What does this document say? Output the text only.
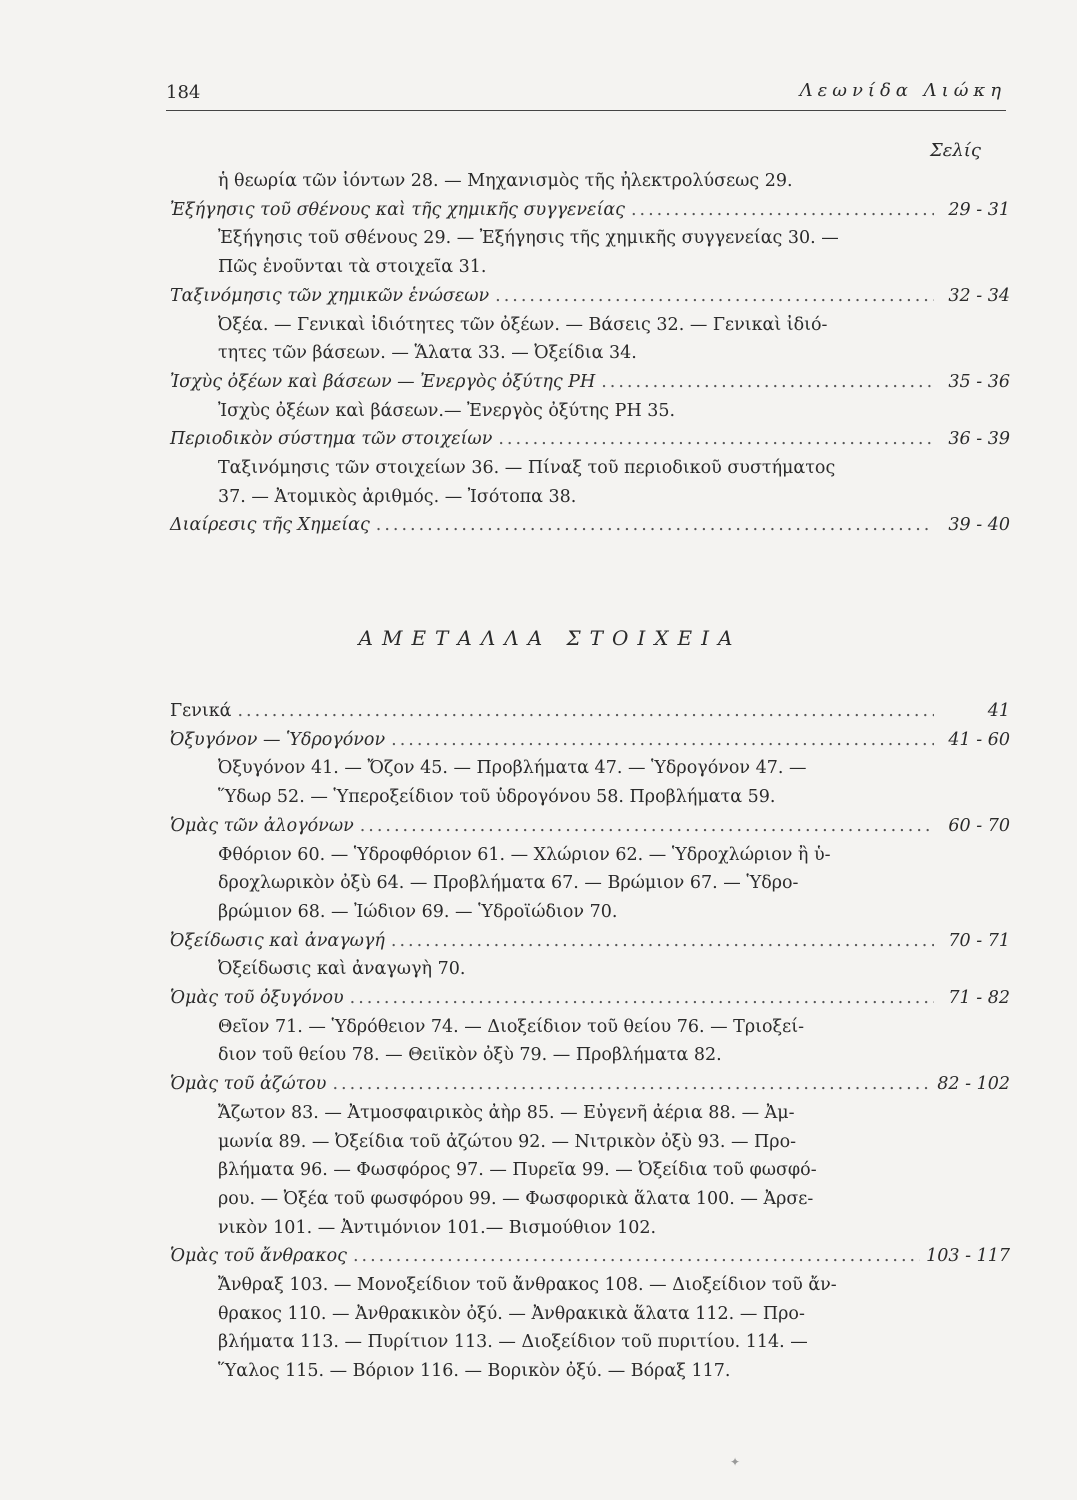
184	Λεωνίδα Λιώκη
Σελίς
ἡ θεωρία τῶν ἰόντων 28. — Μηχανισμὸς τῆς ἠλεκτρολύσεως 29.
Ἐξήγησις τοῦ σθένους καὶ τῆς χημικῆς συγγενείας .....	29 - 31
Ἐξήγησις τοῦ σθένους 29. — Ἐξήγησις τῆς χημικῆς συγγενείας 30. —
Πῶς ἑνοῦνται τὰ στοιχεῖα 31.
Ταξινόμησις τῶν χημικῶν ἑνώσεων .....	32 - 34
Ὀξέα. — Γενικαὶ ἰδιότητες τῶν ὀξέων. — Βάσεις 32. — Γενικαὶ ἰδιό-
τητες τῶν βάσεων. — Ἅλατα 33. — Ὀξείδια 34.
Ἰσχὺς ὀξέων καὶ βάσεων — Ἐνεργὸς ὀξύτης PH .....	35 - 36
Ἰσχὺς ὀξέων καὶ βάσεων.— Ἐνεργὸς ὀξύτης PH 35.
Περιοδικὸν σύστημα τῶν στοιχείων .....	36 - 39
Ταξινόμησις τῶν στοιχείων 36. — Πίναξ τοῦ περιοδικοῦ συστήματος
37. — Ἀτομικὸς ἀριθμός. — Ἰσότοπα 38.
Διαίρεσις τῆς Χημείας .....	39 - 40
ΑΜΕΤΑΛΛΑ ΣΤΟΙΧΕΙΑ
Γενικά .....	41
Ὀξυγόνον — Ὑδρογόνον .....	41 - 60
Ὀξυγόνον 41. — Ὄζον 45. — Προβλήματα 47. — Ὑδρογόνον 47. —
Ὕδωρ 52. — Ὑπεροξείδιον τοῦ ὑδρογόνου 58. Προβλήματα 59.
Ὁμὰς τῶν ἀλογόνων .....	60 - 70
Φθόριον 60. — Ὑδροφθόριον 61. — Χλώριον 62. — Ὑδροχλώριον ἢ ὑ-
δροχλωρικὸν ὀξὺ 64. — Προβλήματα 67. — Βρώμιον 67. — Ὑδρο-
βρώμιον 68. — Ἰώδιον 69. — Ὑδροϊώδιον 70.
Ὀξείδωσις καὶ ἀναγωγή .....	70 - 71
Ὀξείδωσις καὶ ἀναγωγὴ 70.
Ὁμὰς τοῦ ὀξυγόνου .....	71 - 82
Θεῖον 71. — Ὑδρόθειον 74. — Διοξείδιον τοῦ θείου 76. — Τριοξεί-
διον τοῦ θείου 78. — Θειϊκὸν ὀξὺ 79. — Προβλήματα 82.
Ὁμὰς τοῦ ἀζώτου .....	82 - 102
Ἄζωτον 83. — Ἀτμοσφαιρικὸς ἀὴρ 85. — Εὐγενῆ ἀέρια 88. — Ἀμ-
μωνία 89. — Ὀξείδια τοῦ ἀζώτου 92. — Νιτρικὸν ὀξὺ 93. — Προ-
βλήματα 96. — Φωσφόρος 97. — Πυρεῖα 99. — Ὀξείδια τοῦ φωσφό-
ρου. — Ὀξέα τοῦ φωσφόρου 99. — Φωσφορικὰ ἅλατα 100. — Ἀρσε-
νικὸν 101. — Ἀντιμόνιον 101.— Βισμούθιον 102.
Ὁμὰς τοῦ ἄνθρακος .....	103 - 117
Ἄνθραξ 103. — Μονοξείδιον τοῦ ἄνθρακος 108. — Διοξείδιον τοῦ ἄν-
θρακος 110. — Ἀνθρακικὸν ὀξύ. — Ἀνθρακικὰ ἅλατα 112. — Προ-
βλήματα 113. — Πυρίτιον 113. — Διοξείδιον τοῦ πυριτίου. 114. —
Ὕαλος 115. — Βόριον 116. — Βορικὸν ὀξύ. — Βόραξ 117.
✦
